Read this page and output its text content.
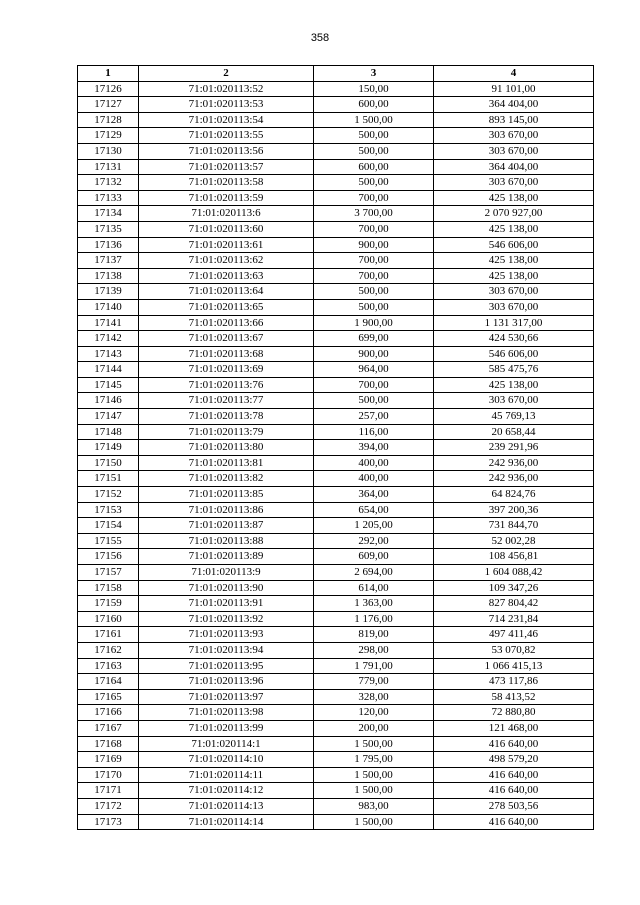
358
1	2	3	4
17126	71:01:020113:52	150,00	91 101,00
17127	71:01:020113:53	600,00	364 404,00
17128	71:01:020113:54	1 500,00	893 145,00
17129	71:01:020113:55	500,00	303 670,00
17130	71:01:020113:56	500,00	303 670,00
17131	71:01:020113:57	600,00	364 404,00
17132	71:01:020113:58	500,00	303 670,00
17133	71:01:020113:59	700,00	425 138,00
17134	71:01:020113:6	3 700,00	2 070 927,00
17135	71:01:020113:60	700,00	425 138,00
17136	71:01:020113:61	900,00	546 606,00
17137	71:01:020113:62	700,00	425 138,00
17138	71:01:020113:63	700,00	425 138,00
17139	71:01:020113:64	500,00	303 670,00
17140	71:01:020113:65	500,00	303 670,00
17141	71:01:020113:66	1 900,00	1 131 317,00
17142	71:01:020113:67	699,00	424 530,66
17143	71:01:020113:68	900,00	546 606,00
17144	71:01:020113:69	964,00	585 475,76
17145	71:01:020113:76	700,00	425 138,00
17146	71:01:020113:77	500,00	303 670,00
17147	71:01:020113:78	257,00	45 769,13
17148	71:01:020113:79	116,00	20 658,44
17149	71:01:020113:80	394,00	239 291,96
17150	71:01:020113:81	400,00	242 936,00
17151	71:01:020113:82	400,00	242 936,00
17152	71:01:020113:85	364,00	64 824,76
17153	71:01:020113:86	654,00	397 200,36
17154	71:01:020113:87	1 205,00	731 844,70
17155	71:01:020113:88	292,00	52 002,28
17156	71:01:020113:89	609,00	108 456,81
17157	71:01:020113:9	2 694,00	1 604 088,42
17158	71:01:020113:90	614,00	109 347,26
17159	71:01:020113:91	1 363,00	827 804,42
17160	71:01:020113:92	1 176,00	714 231,84
17161	71:01:020113:93	819,00	497 411,46
17162	71:01:020113:94	298,00	53 070,82
17163	71:01:020113:95	1 791,00	1 066 415,13
17164	71:01:020113:96	779,00	473 117,86
17165	71:01:020113:97	328,00	58 413,52
17166	71:01:020113:98	120,00	72 880,80
17167	71:01:020113:99	200,00	121 468,00
17168	71:01:020114:1	1 500,00	416 640,00
17169	71:01:020114:10	1 795,00	498 579,20
17170	71:01:020114:11	1 500,00	416 640,00
17171	71:01:020114:12	1 500,00	416 640,00
17172	71:01:020114:13	983,00	278 503,56
17173	71:01:020114:14	1 500,00	416 640,00
